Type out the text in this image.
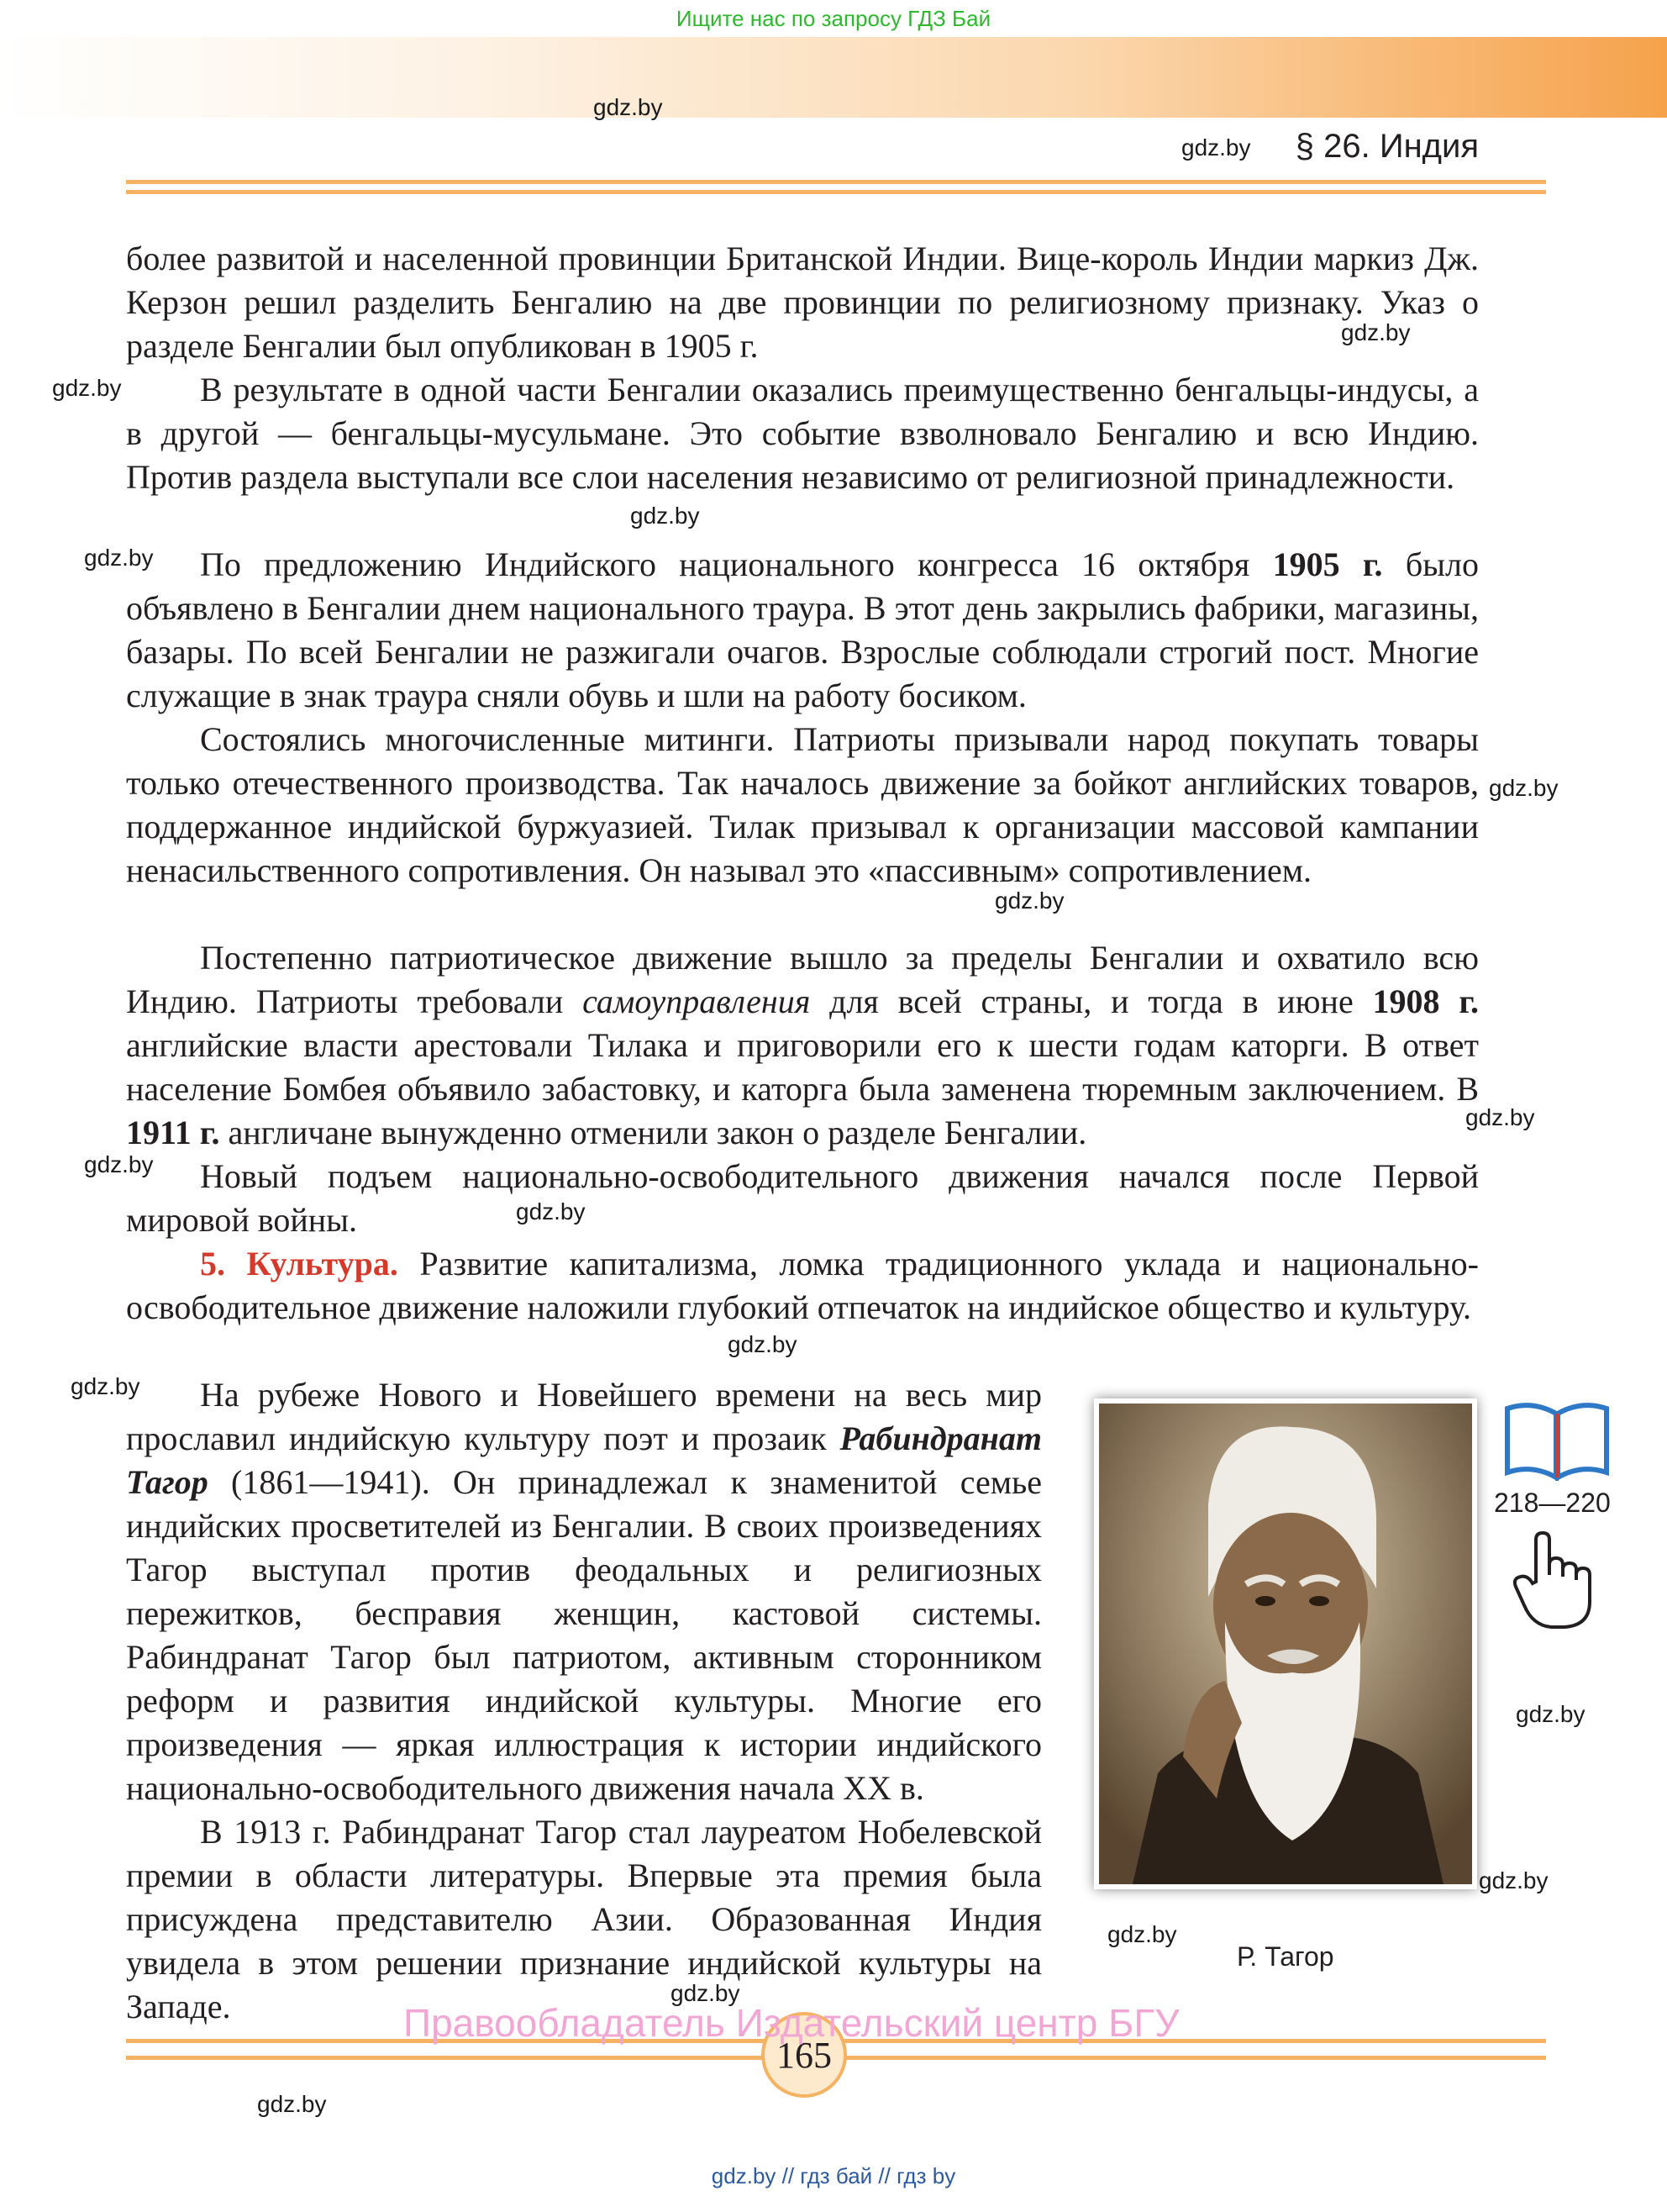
Ищите нас по запросу ГДЗ Бай
§ 26. Индия
gdz.by
gdz.by
gdz.by
gdz.by
gdz.by
gdz.by
gdz.by
gdz.by
gdz.by
gdz.by
gdz.by
gdz.by
gdz.by
gdz.by
gdz.by
gdz.by
gdz.by
gdz.by

более развитой и населенной провинции Британской Индии. Вице-король Индии маркиз Дж. Керзон решил разделить Бенгалию на две провинции по религиозному признаку. Указ о разделе Бенгалии был опубликован в 1905 г.

В результате в одной части Бенгалии оказались преимущественно бенгальцы-индусы, а в другой — бенгальцы-мусульмане. Это событие взволновало Бенгалию и всю Индию. Против раздела выступали все слои населения независимо от религиозной принадлежности.

По предложению Индийского национального конгресса 16 октября 1905 г. было объявлено в Бенгалии днем национального траура. В этот день закрылись фабрики, магазины, базары. По всей Бенгалии не разжигали очагов. Взрослые соблюдали строгий пост. Многие служащие в знак траура сняли обувь и шли на работу босиком.

Состоялись многочисленные митинги. Патриоты призывали народ покупать товары только отечественного производства. Так началось движение за бойкот английских товаров, поддержанное индийской буржуазией. Тилак призывал к организации массовой кампании ненасильственного сопротивления. Он называл это «пассивным» сопротивлением.

Постепенно патриотическое движение вышло за пределы Бенгалии и охватило всю Индию. Патриоты требовали самоуправления для всей страны, и тогда в июне 1908 г. английские власти арестовали Тилака и приговорили его к шести годам каторги. В ответ население Бомбея объявило забастовку, и каторга была заменена тюремным заключением. В 1911 г. англичане вынужденно отменили закон о разделе Бенгалии.

Новый подъем национально-освободительного движения начался после Первой мировой войны.

5. Культура. Развитие капитализма, ломка традиционного уклада и национально-освободительное движение наложили глубокий отпечаток на индийское общество и культуру.

На рубеже Нового и Новейшего времени на весь мир прославил индийскую культуру поэт и прозаик Рабиндранат Тагор (1861—1941). Он принадлежал к знаменитой семье индийских просветителей из Бенгалии. В своих произведениях Тагор выступал против феодальных и религиозных пережитков, бесправия женщин, кастовой системы. Рабиндранат Тагор был патриотом, активным сторонником реформ и развития индийской культуры. Многие его произведения — яркая иллюстрация к истории индийского национально-освободительного движения начала XX в.

В 1913 г. Рабиндранат Тагор стал лауреатом Нобелевской премии в области литературы. Впервые эта премия была присуждена представителю Азии. Образованная Индия увидела в этом решении признание индийской культуры на Западе.

Р. Тагор
218—220
165
Правообладатель Издательский центр БГУ
gdz.by // гдз бай // гдз by
